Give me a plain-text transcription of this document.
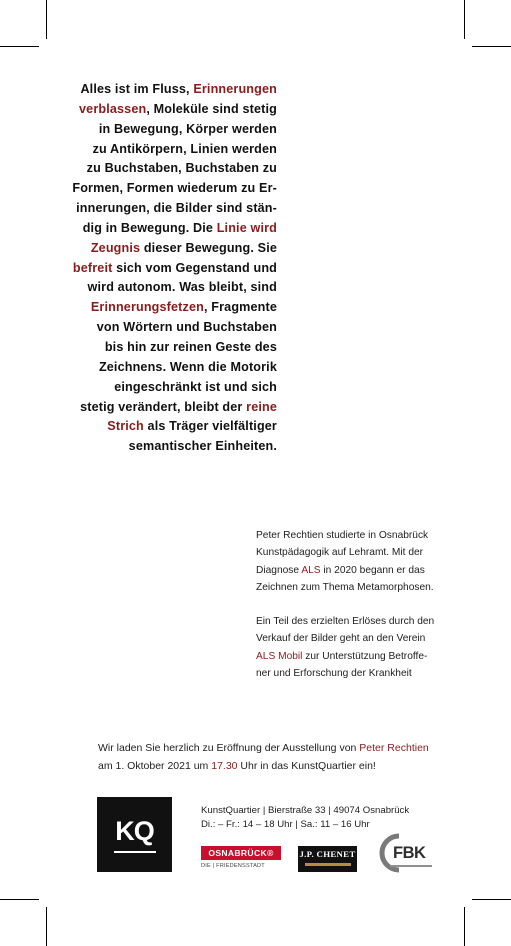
Alles ist im Fluss, Erinnerungen
verblassen, Moleküle sind stetig
in Bewegung, Körper werden
zu Antikörpern, Linien werden
zu Buchstaben, Buchstaben zu
Formen, Formen wiederum zu Er-
innerungen, die Bilder sind stän-
dig in Bewegung. Die Linie wird
Zeugnis dieser Bewegung. Sie
befreit sich vom Gegenstand und
wird autonom. Was bleibt, sind
Erinnerungsfetzen, Fragmente
von Wörtern und Buchstaben
bis hin zur reinen Geste des
Zeichnens. Wenn die Motorik
eingeschränkt ist und sich
stetig verändert, bleibt der reine
Strich als Träger vielfältiger
semantischer Einheiten.
Peter Rechtien studierte in Osnabrück
Kunstpädagogik auf Lehramt. Mit der
Diagnose ALS in 2020 begann er das
Zeichnen zum Thema Metamorphosen.
Ein Teil des erzielten Erlöses durch den
Verkauf der Bilder geht an den Verein
ALS Mobil zur Unterstützung Betroffe-
ner und Erforschung der Krankheit
Wir laden Sie herzlich zu Eröffnung der Ausstellung von Peter Rechtien
am 1. Oktober 2021 um 17.30 Uhr in das KunstQuartier ein!
KQ
KunstQuartier | Bierstraße 33 | 49074 Osnabrück
Di.: – Fr.: 14 – 18 Uhr | Sa.: 11 – 16 Uhr
OSNABRÜCK®
DIE | FRIEDENSSTADT
J.P. CHENET FBK
